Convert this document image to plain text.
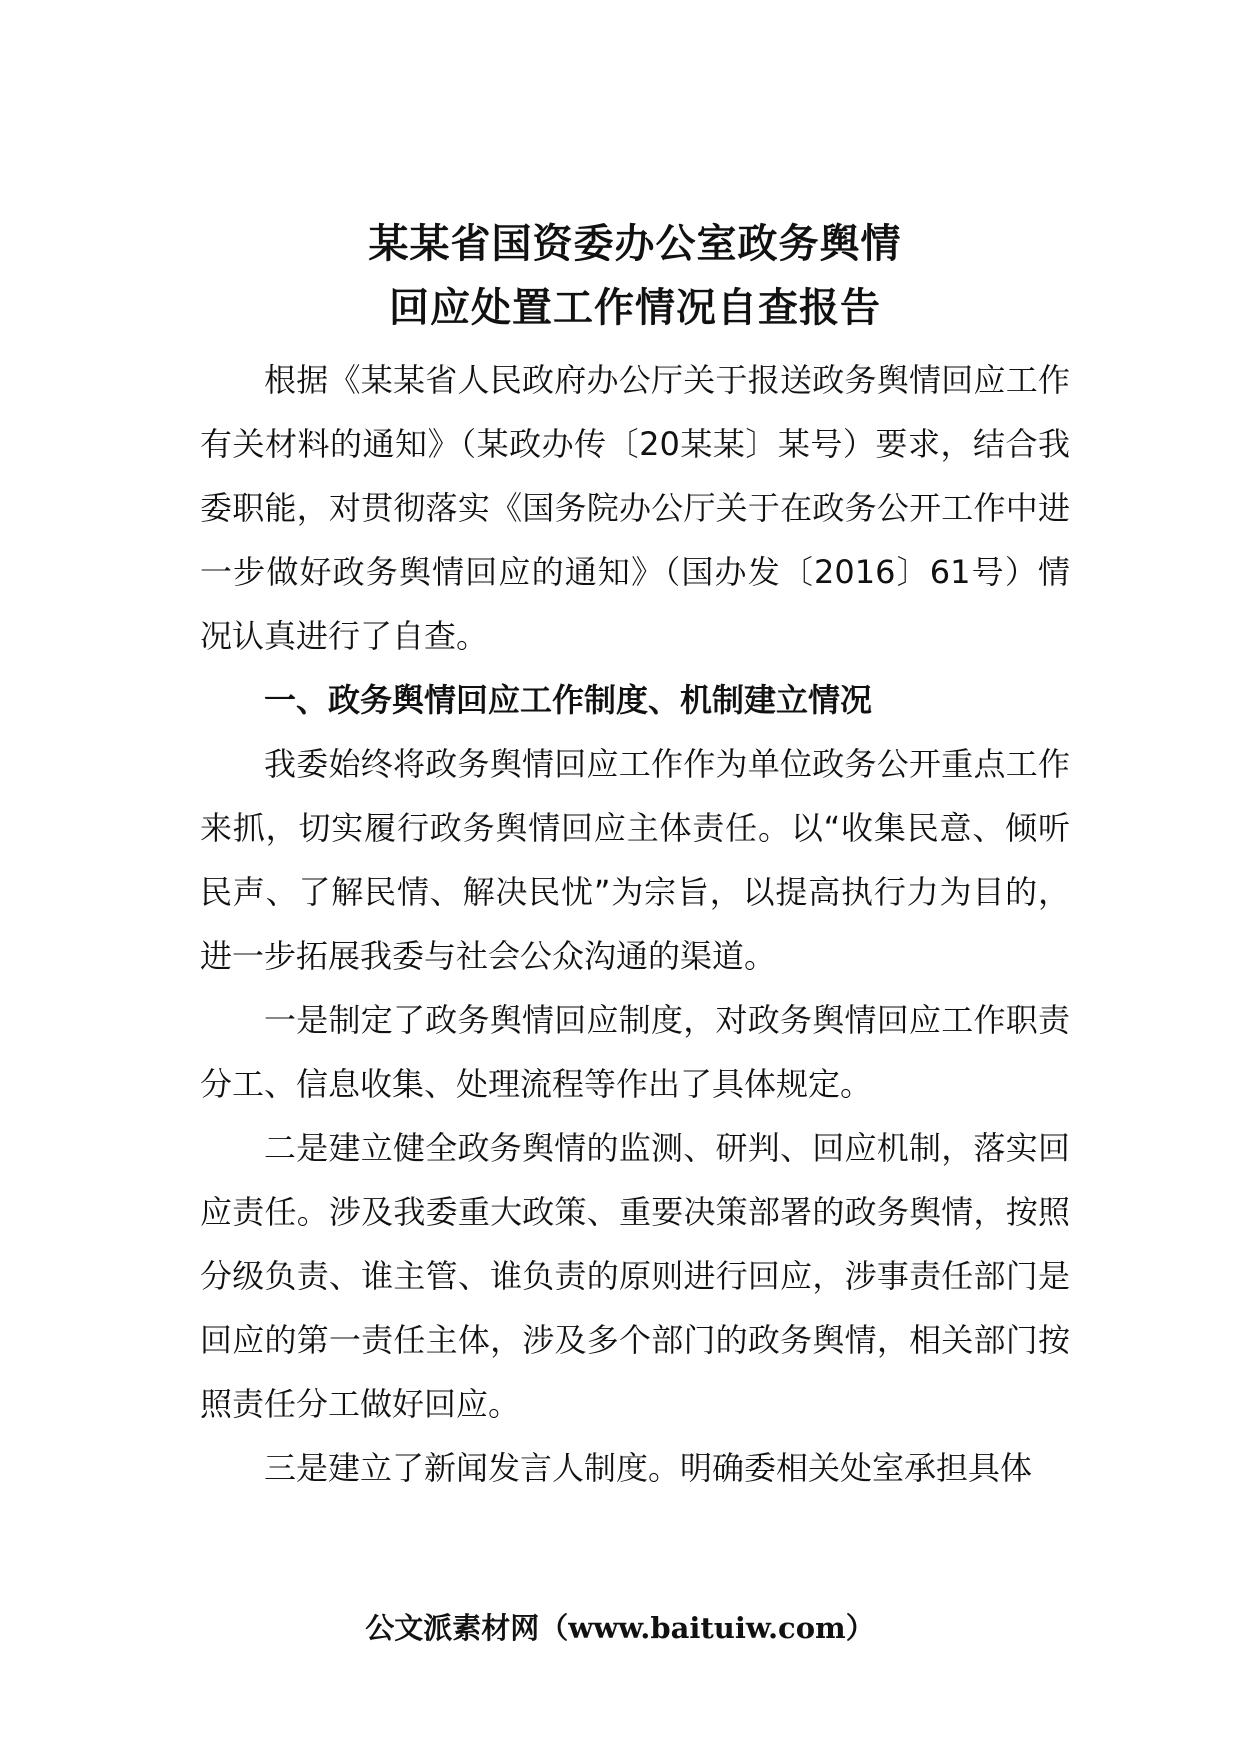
某某省国资委办公室政务舆情
回应处置工作情况自查报告

根据《某某省人民政府办公厅关于报送政务舆情回应工作有关材料的通知》（某政办传〔20某某〕某号）要求，结合我委职能，对贯彻落实《国务院办公厅关于在政务公开工作中进一步做好政务舆情回应的通知》（国办发〔2016〕61号）情况认真进行了自查。

一、政务舆情回应工作制度、机制建立情况

我委始终将政务舆情回应工作作为单位政务公开重点工作来抓，切实履行政务舆情回应主体责任。以“收集民意、倾听民声、了解民情、解决民忧”为宗旨，以提高执行力为目的，进一步拓展我委与社会公众沟通的渠道。

一是制定了政务舆情回应制度，对政务舆情回应工作职责分工、信息收集、处理流程等作出了具体规定。

二是建立健全政务舆情的监测、研判、回应机制，落实回应责任。涉及我委重大政策、重要决策部署的政务舆情，按照分级负责、谁主管、谁负责的原则进行回应，涉事责任部门是回应的第一责任主体，涉及多个部门的政务舆情，相关部门按照责任分工做好回应。

三是建立了新闻发言人制度。明确委相关处室承担具体

公文派素材网（www.baituiw.com）
